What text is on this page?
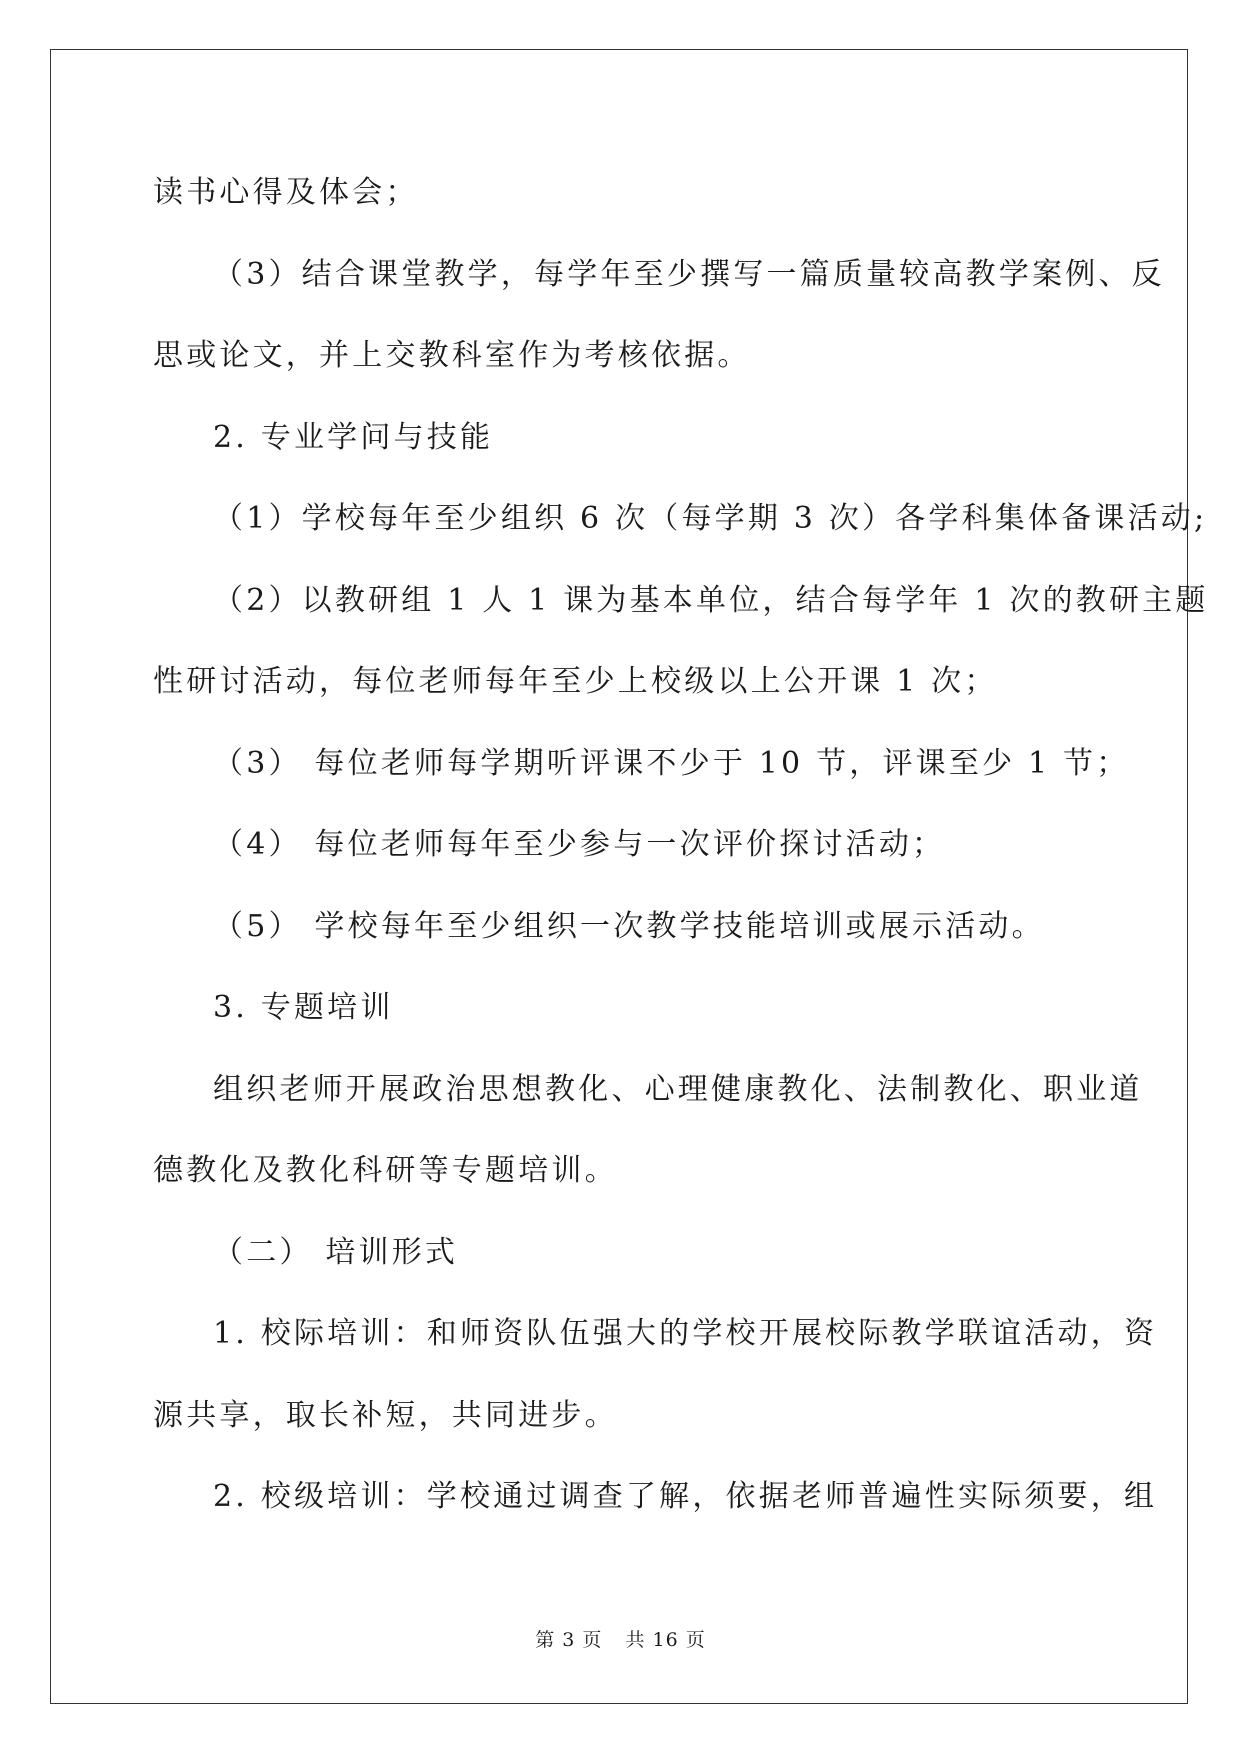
读书心得及体会；
（3）结合课堂教学，每学年至少撰写一篇质量较高教学案例、反
思或论文，并上交教科室作为考核依据。
2. 专业学问与技能
（1）学校每年至少组织 6 次（每学期 3 次）各学科集体备课活动;
（2）以教研组 1 人 1 课为基本单位，结合每学年 1 次的教研主题
性研讨活动，每位老师每年至少上校级以上公开课 1 次；
（3） 每位老师每学期听评课不少于 10 节，评课至少 1 节；
（4） 每位老师每年至少参与一次评价探讨活动；
（5） 学校每年至少组织一次教学技能培训或展示活动。
3. 专题培训
组织老师开展政治思想教化、心理健康教化、法制教化、职业道
德教化及教化科研等专题培训。
（二） 培训形式
1. 校际培训：和师资队伍强大的学校开展校际教学联谊活动，资
源共享，取长补短，共同进步。
2. 校级培训：学校通过调查了解，依据老师普遍性实际须要，组
第 3 页 共 16 页
